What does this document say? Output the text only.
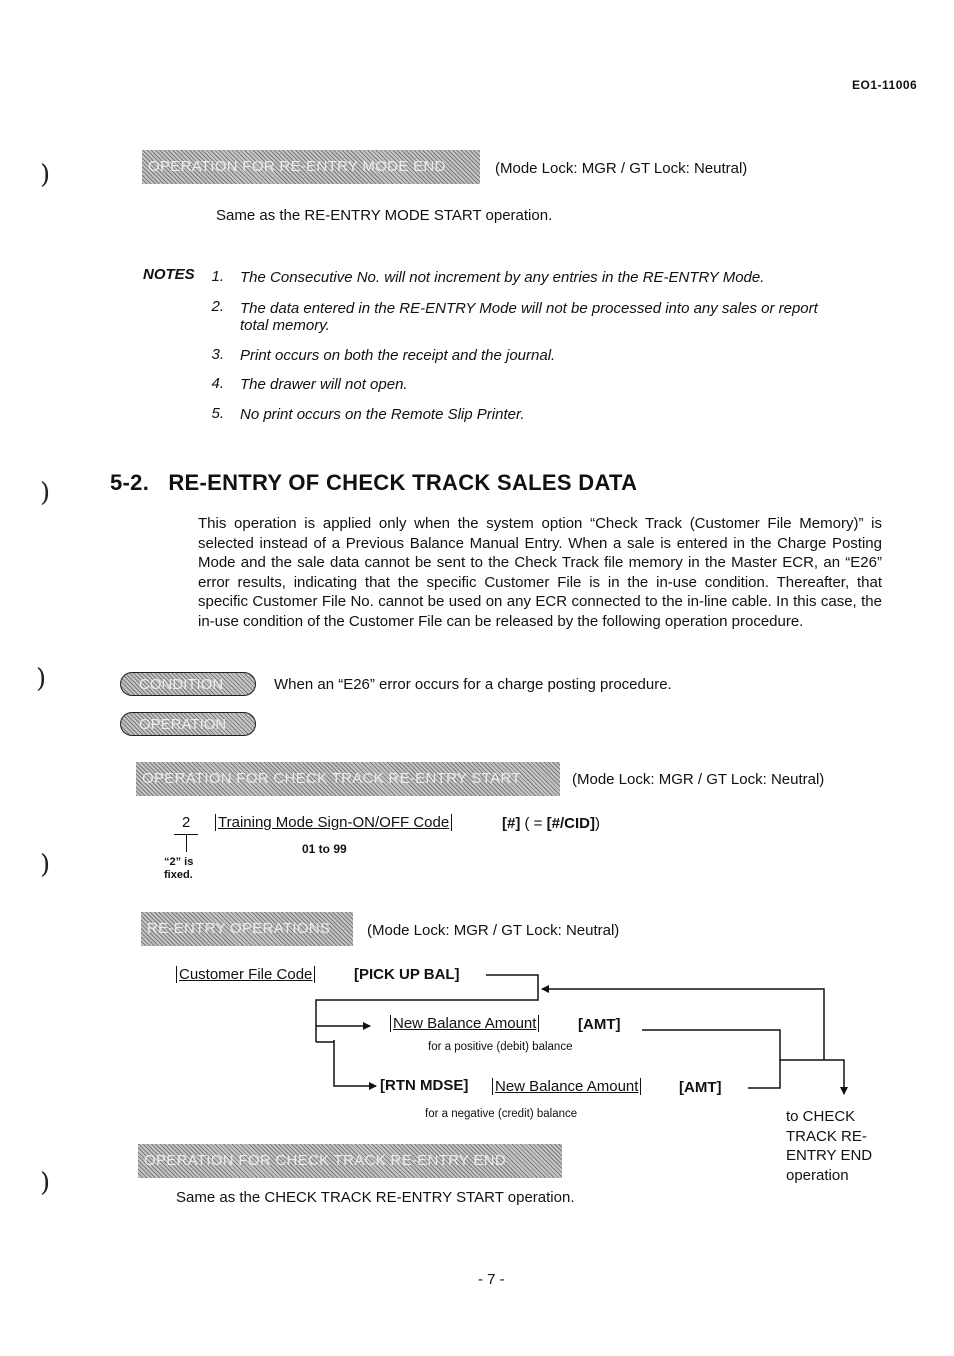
EO1-11006
)
)
)
)
)
OPERATION FOR RE-ENTRY MODE END	(Mode Lock: MGR / GT Lock: Neutral)
Same as the RE-ENTRY MODE START operation.
NOTES	1. The Consecutive No. will not increment by any entries in the RE-ENTRY Mode.
2. The data entered in the RE-ENTRY Mode will not be processed into any sales or report
total memory.
3. Print occurs on both the receipt and the journal.
4. The drawer will not open.
5. No print occurs on the Remote Slip Printer.
5-2.   RE-ENTRY OF CHECK TRACK SALES DATA
This operation is applied only when the system option “Check Track (Customer File Memory)” is selected instead of a Previous Balance Manual Entry. When a sale is entered in the Charge Posting Mode and the sale data cannot be sent to the Check Track file memory in the Master ECR, an “E26” error results, indicating that the specific Customer File is in the in-use condition. Thereafter, that specific Customer File No. cannot be used on any ECR connected to the in-line cable. In this case, the in-use condition of the Customer File can be released by the following operation procedure.
CONDITION	When an “E26” error occurs for a charge posting procedure.
OPERATION
OPERATION FOR CHECK TRACK RE-ENTRY START	(Mode Lock: MGR / GT Lock: Neutral)
2
“2” is
fixed.
Training Mode Sign-ON/OFF Code
01 to 99
[#] ( = [#/CID])
RE-ENTRY OPERATIONS	(Mode Lock: MGR / GT Lock: Neutral)
Customer File Code	[PICK UP BAL]
New Balance Amount	[AMT]
for a positive (debit) balance
[RTN MDSE] New Balance Amount	[AMT]
for a negative (credit) balance	to CHECK
TRACK RE-
ENTRY END
operation
OPERATION FOR CHECK TRACK RE-ENTRY END
Same as the CHECK TRACK RE-ENTRY START operation.
- 7 -
